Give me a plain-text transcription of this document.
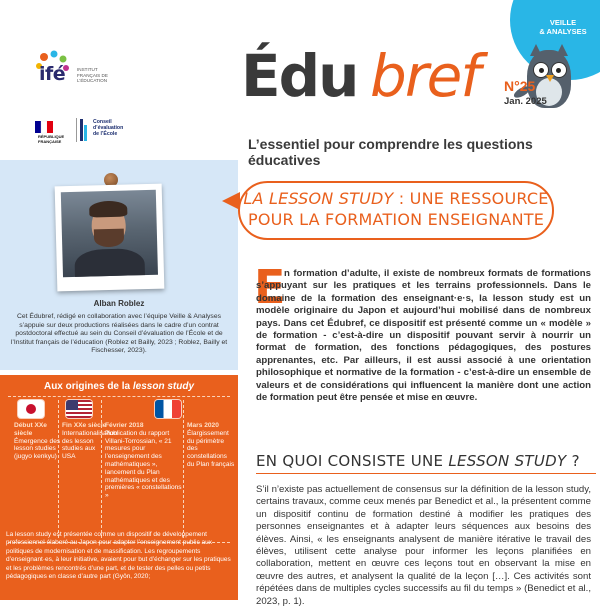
ifé	INSTITUT
FRANÇAIS DE
L’ÉDUCATION
RÉPUBLIQUE
FRANÇAISE
Conseil
d’évaluation
de l’École
Alban Roblez
Cet Édubref, rédigé en collaboration avec l’équipe Veille & Analyses s’appuie sur deux productions réalisées dans le cadre d’un contrat postdoctoral effectué au sein du Conseil d’évaluation de l’École et de l’Institut français de l’éducation (Roblez et Bailly, 2023 ; Roblez, Bailly et Fischesser, 2023).
Aux origines de la lesson study
Début XXe siècle
Émergence des lesson studies (jugyo kenkyu)
Fin XXe siècle
Internationalisation des lesson studies aux USA
Février 2018
Publication du rapport Villani-Torrossian, « 21 mesures pour l’enseignement des mathématiques », lancement du Plan mathématiques et des premières « constellations »
Mars 2020
Élargissement du périmètre des constellations du Plan français
La lesson study est présentée comme un dispositif de développement professionnel élaboré au Japon pour adapter l’enseignement public aux politiques de modernisation et de massification. Les regroupements d’enseignant·es, à leur initiative, avaient pour but d’échanger sur les pratiques et les problèmes rencontrés d’une part, et de tester des pelles ou petits pédagogiques en classe d’autre part (Gyôn, 2020;
VEILLE
& ANALYSES
Édu bref N°25
Jan. 2025
L’essentiel pour comprendre les questions éducatives
LA LESSON STUDY : UNE RESSOURCE
POUR LA FORMATION ENSEIGNANTE
E
n formation d’adulte, il existe de nombreux formats de formations s’appuyant sur les pratiques et les terrains professionnels. Dans le domaine de la formation des enseignant·e·s, la lesson study est un modèle originaire du Japon et aujourd’hui mobilisé dans de nombreux pays. Dans cet Édubref, ce dispositif est présenté comme un « modèle » de formation - c’est-à-dire un dispositif pouvant servir à nourrir un format de formation, des fonctions pédagogiques, des postures apprenantes, etc. Par ailleurs, il est aussi associé à une orientation philosophique et normative de la formation - c’est-à-dire un ensemble de valeurs et de considérations qui influencent la manière dont une action de formation peut être pensée et mise en œuvre.
EN QUOI CONSISTE UNE LESSON STUDY ?
S’il n’existe pas actuellement de consensus sur la définition de la lesson study, certains travaux, comme ceux menés par Benedict et al., la présentent comme un dispositif continu de formation destiné à modifier les pratiques des personnes enseignantes et à adapter leurs séquences aux besoins des élèves. Ainsi, « les enseignants analysent de manière itérative le travail des élèves, utilisent cette analyse pour informer les leçons planifiées en collaboration, mettent en œuvre ces leçons tout en observant la mise en œuvre des autres, et analysent la qualité de la leçon […]. Ces activités sont répétées dans de multiples cycles successifs au fil du temps » (Benedict et al., 2023, p. 1).
